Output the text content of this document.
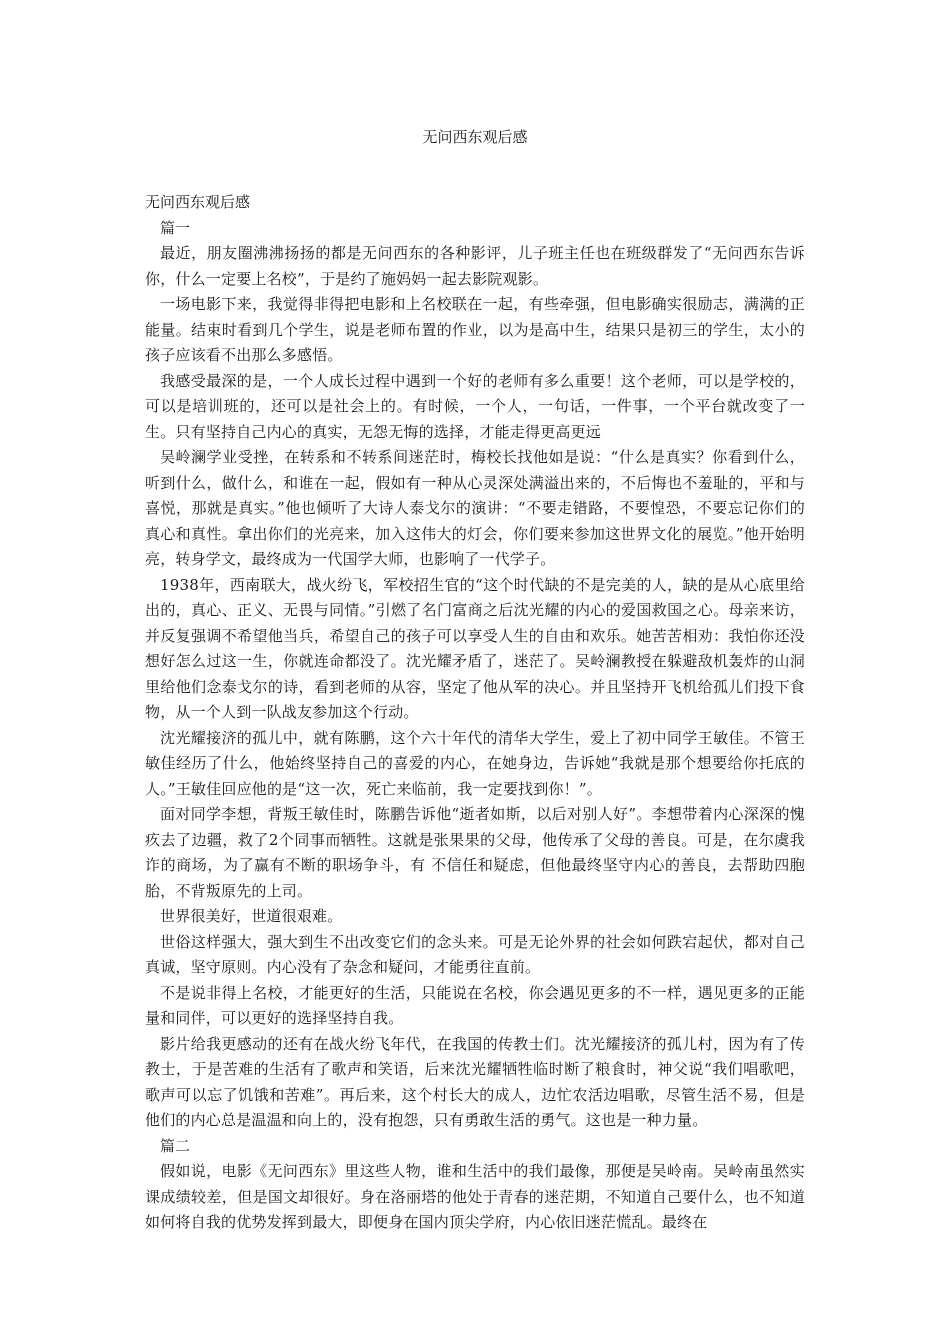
无问西东观后感

无问西东观后感

篇一

最近，朋友圈沸沸扬扬的都是无问西东的各种影评，儿子班主任也在班级群发了“无问西东告诉你，什么一定要上名校”，于是约了施妈妈一起去影院观影。

一场电影下来，我觉得非得把电影和上名校联在一起，有些牵强，但电影确实很励志，满满的正能量。结束时看到几个学生，说是老师布置的作业，以为是高中生，结果只是初三的学生，太小的孩子应该看不出那么多感悟。

我感受最深的是，一个人成长过程中遇到一个好的老师有多么重要！这个老师，可以是学校的，可以是培训班的，还可以是社会上的。有时候，一个人，一句话，一件事，一个平台就改变了一生。只有坚持自己内心的真实，无怨无悔的选择，才能走得更高更远

吴岭澜学业受挫，在转系和不转系间迷茫时，梅校长找他如是说：“什么是真实？你看到什么，听到什么，做什么，和谁在一起，假如有一种从心灵深处满溢出来的，不后悔也不羞耻的，平和与喜悦，那就是真实。”他也倾听了大诗人泰戈尔的演讲：“不要走错路，不要惶恐，不要忘记你们的真心和真性。拿出你们的光亮来，加入这伟大的灯会，你们要来参加这世界文化的展览。”他开始明亮，转身学文，最终成为一代国学大师，也影响了一代学子。

1938年，西南联大，战火纷飞，军校招生官的“这个时代缺的不是完美的人，缺的是从心底里给出的，真心、正义、无畏与同情。”引燃了名门富商之后沈光耀的内心的爱国救国之心。母亲来访，并反复强调不希望他当兵，希望自己的孩子可以享受人生的自由和欢乐。她苦苦相劝：我怕你还没想好怎么过这一生，你就连命都没了。沈光耀矛盾了，迷茫了。吴岭澜教授在躲避敌机轰炸的山洞里给他们念泰戈尔的诗，看到老师的从容，坚定了他从军的决心。并且坚持开飞机给孤儿们投下食物，从一个人到一队战友参加这个行动。

沈光耀接济的孤儿中，就有陈鹏，这个六十年代的清华大学生，爱上了初中同学王敏佳。不管王敏佳经历了什么，他始终坚持自己的喜爱的内心，在她身边，告诉她“我就是那个想要给你托底的人。”王敏佳回应他的是“这一次，死亡来临前，我一定要找到你！”。

面对同学李想，背叛王敏佳时，陈鹏告诉他“逝者如斯，以后对别人好”。李想带着内心深深的愧疚去了边疆，救了2个同事而牺牲。这就是张果果的父母，他传承了父母的善良。可是，在尔虞我诈的商场，为了赢有不断的职场争斗，有 不信任和疑虑，但他最终坚守内心的善良，去帮助四胞胎，不背叛原先的上司。

世界很美好，世道很艰难。

世俗这样强大，强大到生不出改变它们的念头来。可是无论外界的社会如何跌宕起伏，都对自己真诚，坚守原则。内心没有了杂念和疑问，才能勇往直前。

不是说非得上名校，才能更好的生活，只能说在名校，你会遇见更多的不一样，遇见更多的正能量和同伴，可以更好的选择坚持自我。

影片给我更感动的还有在战火纷飞年代，在我国的传教士们。沈光耀接济的孤儿村，因为有了传教士，于是苦难的生活有了歌声和笑语，后来沈光耀牺牲临时断了粮食时，神父说“我们唱歌吧，歌声可以忘了饥饿和苦难”。再后来，这个村长大的成人，边忙农活边唱歌，尽管生活不易，但是他们的内心总是温温和向上的，没有抱怨，只有勇敢生活的勇气。这也是一种力量。

篇二

假如说，电影《无问西东》里这些人物，谁和生活中的我们最像，那便是吴岭南。吴岭南虽然实课成绩较差，但是国文却很好。身在洛丽塔的他处于青春的迷茫期，不知道自己要什么，也不知道如何将自我的优势发挥到最大，即便身在国内顶尖学府，内心依旧迷茫慌乱。最终在
